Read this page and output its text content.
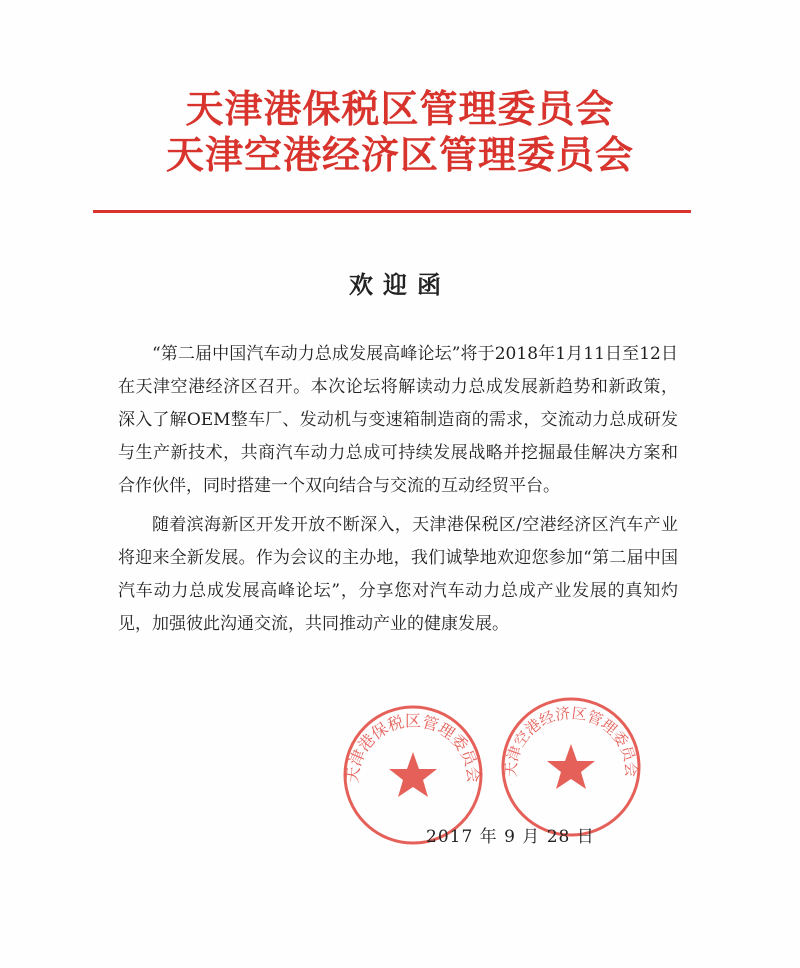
天津港保税区管理委员会

天津空港经济区管理委员会

欢迎函

“第二届中国汽车动力总成发展高峰论坛”将于2018年1月11日至12日在天津空港经济区召开。本次论坛将解读动力总成发展新趋势和新政策，深入了解OEM整车厂、发动机与变速箱制造商的需求，交流动力总成研发与生产新技术，共商汽车动力总成可持续发展战略并挖掘最佳解决方案和合作伙伴，同时搭建一个双向结合与交流的互动经贸平台。

随着滨海新区开发开放不断深入，天津港保税区/空港经济区汽车产业将迎来全新发展。作为会议的主办地，我们诚挚地欢迎您参加“第二届中国汽车动力总成发展高峰论坛”，分享您对汽车动力总成产业发展的真知灼见，加强彼此沟通交流，共同推动产业的健康发展。

天津港保税区管理委员会 天津空港经济区管理委员会
2017 年 9 月 28 日
